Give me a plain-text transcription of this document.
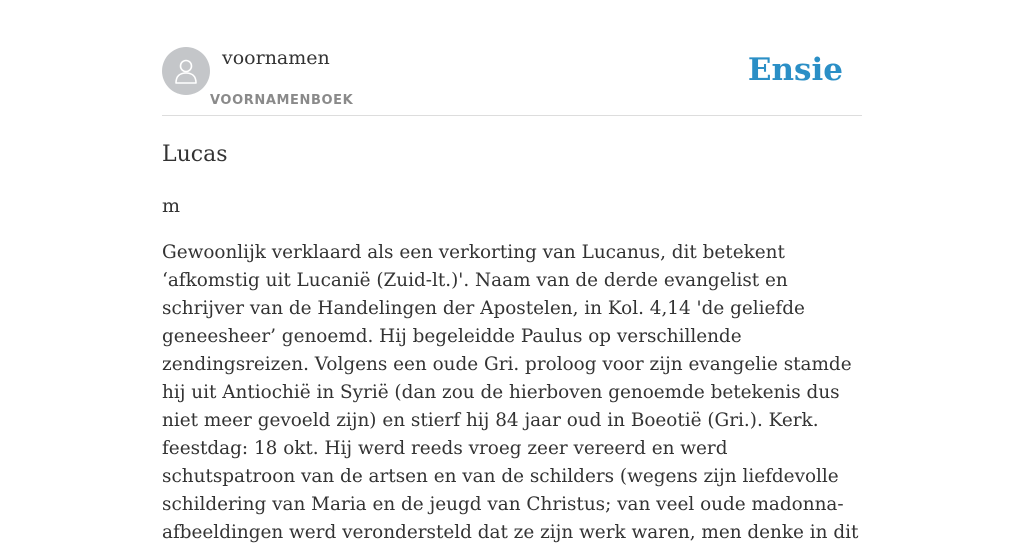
voornamen
VOORNAMENBOEK
Ensie
Lucas
m

Gewoonlijk verklaard als een verkorting van Lucanus, dit betekent ‘afkomstig uit Lucanië (Zuid-lt.)'. Naam van de derde evangelist en schrijver van de Handelingen der Apostelen, in Kol. 4,14 'de geliefde geneesheer’ genoemd. Hij begeleidde Paulus op verschillende zendingsreizen. Volgens een oude Gri. proloog voor zijn evangelie stamde hij uit Antiochië in Syrië (dan zou de hierboven genoemde betekenis dus niet meer gevoeld zijn) en stierf hij 84 jaar oud in Boeotië (Gri.). Kerk. feestdag: 18 okt. Hij werd reeds vroeg zeer vereerd en werd schutspatroon van de artsen en van de schilders (wegens zijn liefdevolle schildering van Maria en de jeugd van Christus; van veel oude madonna-afbeeldingen werd verondersteld dat ze zijn werk waren, men denke in dit
